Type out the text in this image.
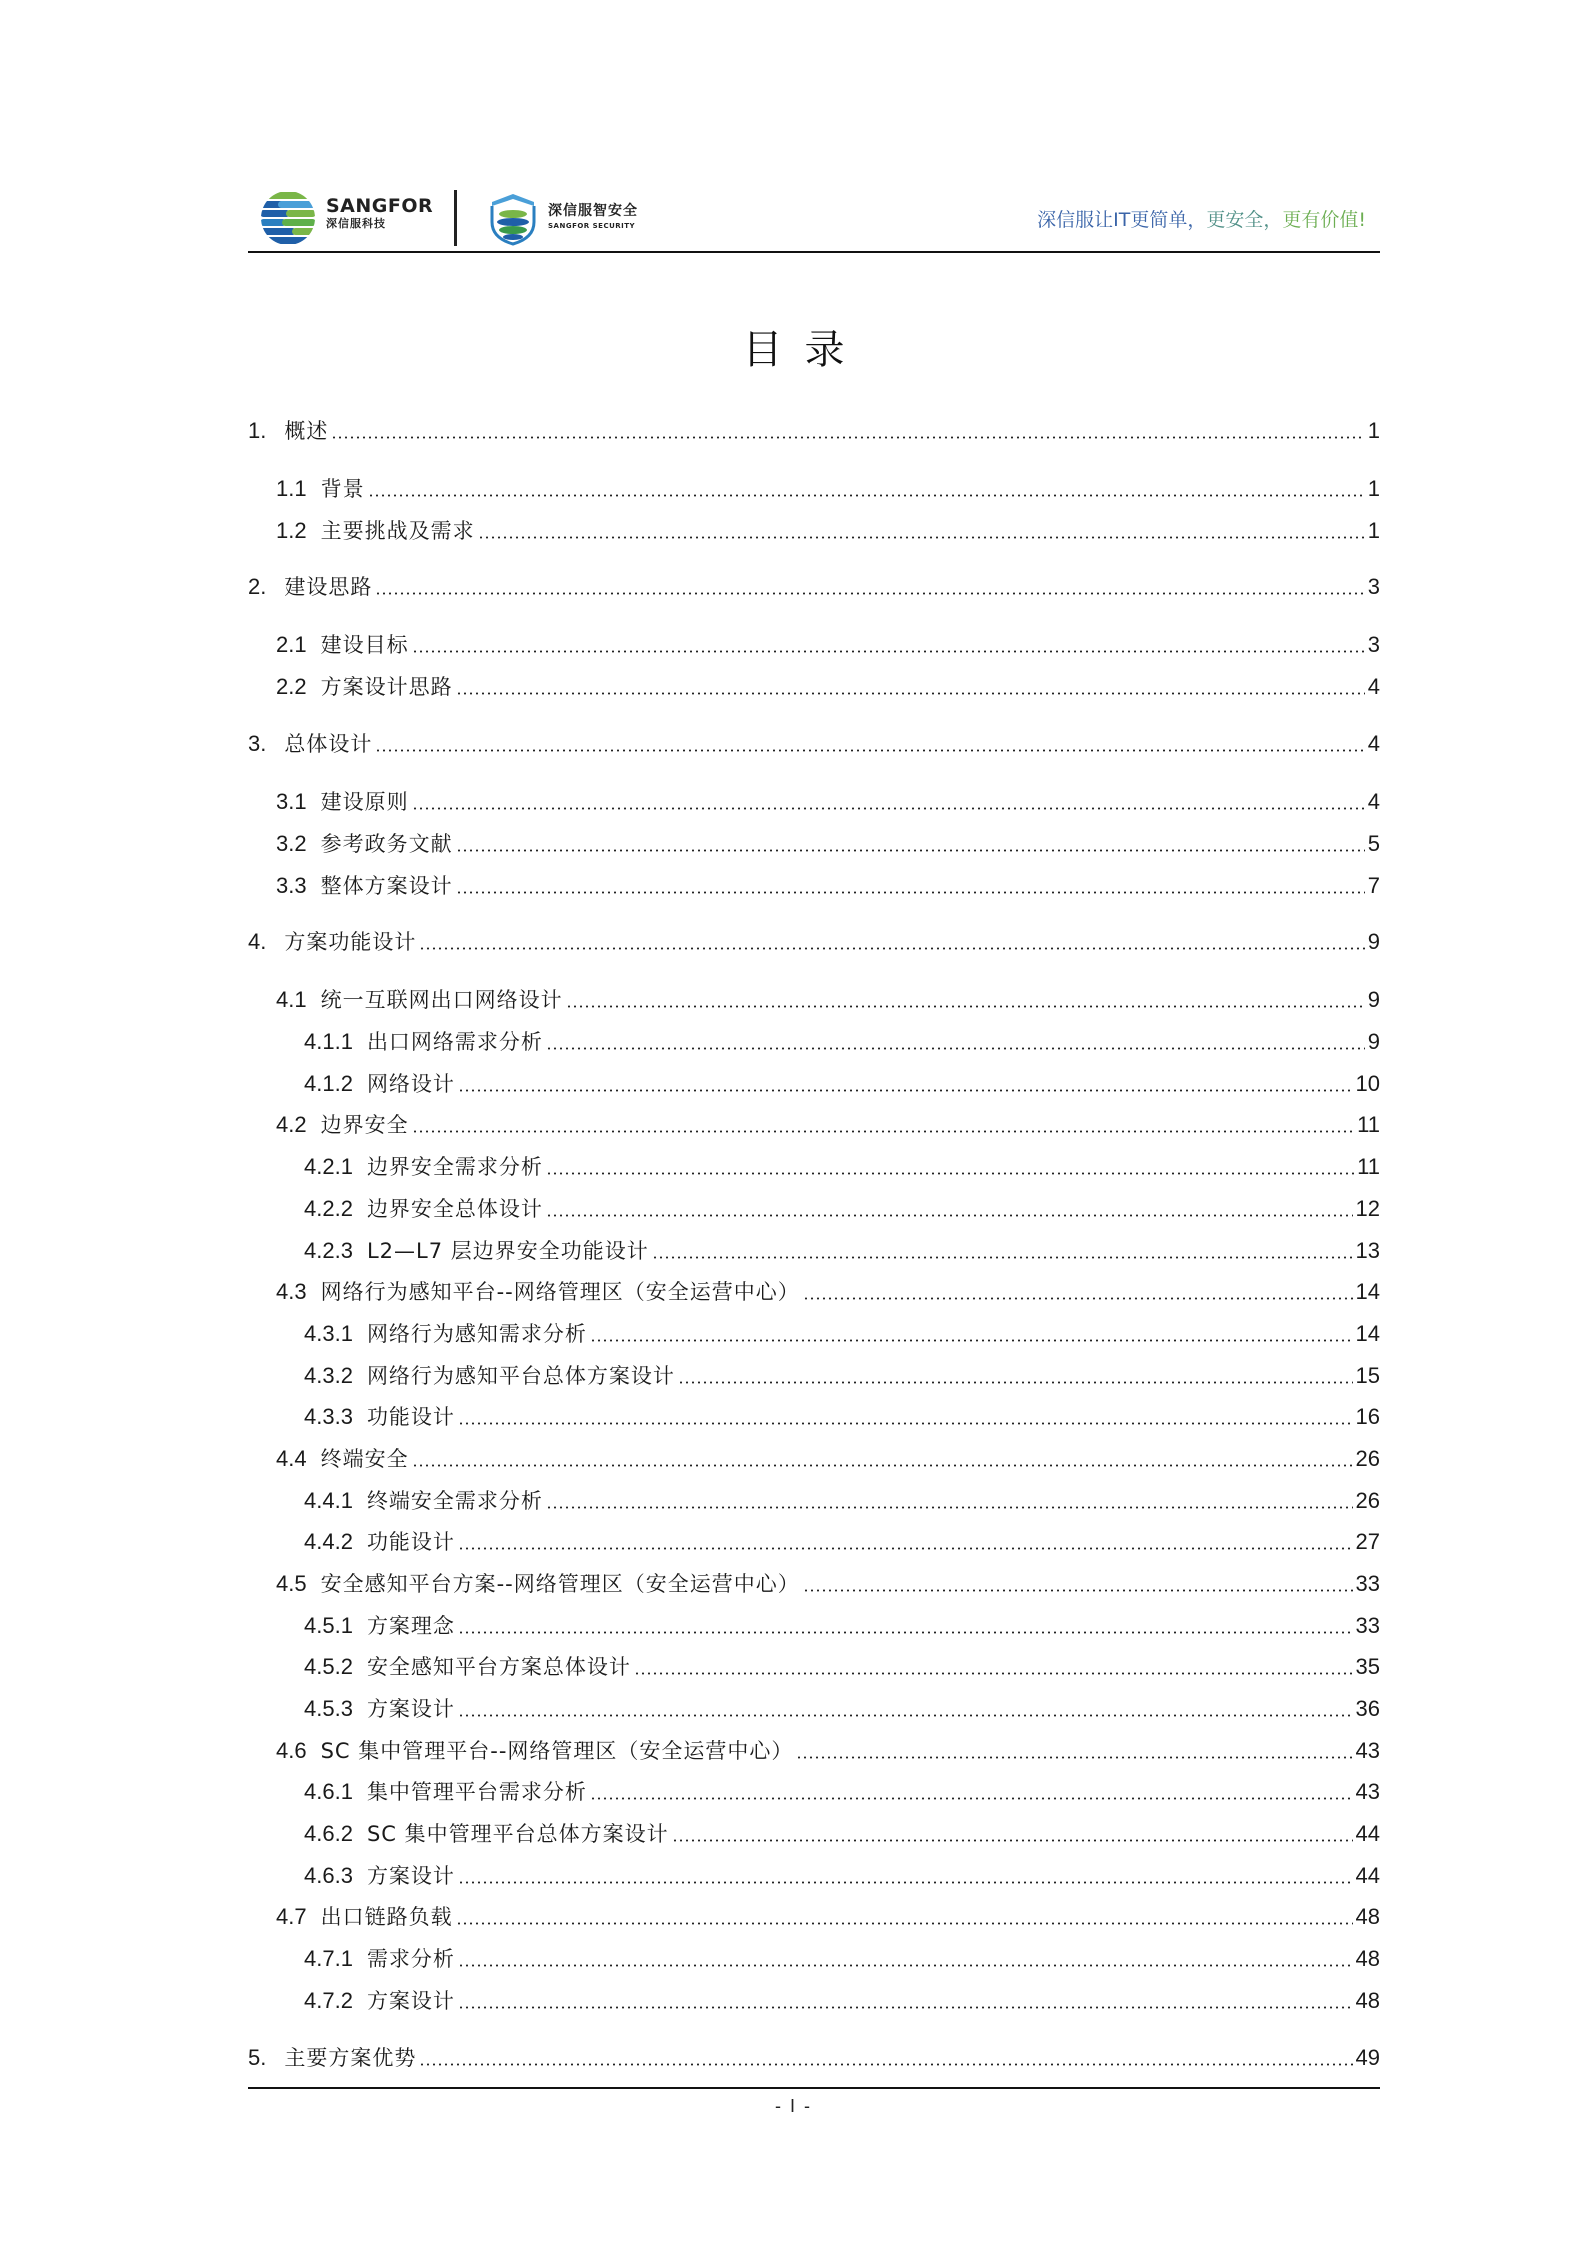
SANGFOR
深信服科技
深信服智安全
SANGFOR SECURITY	深信服让IT更简单，更安全，更有价值!
目录
1. 概述	1
1.1 背景	1
1.2 主要挑战及需求	1
2. 建设思路	3
2.1 建设目标	3
2.2 方案设计思路	4
3. 总体设计	4
3.1 建设原则	4
3.2 参考政务文献	5
3.3 整体方案设计	7
4. 方案功能设计	9
4.1 统一互联网出口网络设计	9
4.1.1 出口网络需求分析	9
4.1.2 网络设计	10
4.2 边界安全	11
4.2.1 边界安全需求分析	11
4.2.2 边界安全总体设计	12
4.2.3 L2—L7 层边界安全功能设计	13
4.3 网络行为感知平台--网络管理区（安全运营中心）	14
4.3.1 网络行为感知需求分析	14
4.3.2 网络行为感知平台总体方案设计	15
4.3.3 功能设计	16
4.4 终端安全	26
4.4.1 终端安全需求分析	26
4.4.2 功能设计	27
4.5 安全感知平台方案--网络管理区（安全运营中心）	33
4.5.1 方案理念	33
4.5.2 安全感知平台方案总体设计	35
4.5.3 方案设计	36
4.6 SC 集中管理平台--网络管理区（安全运营中心）	43
4.6.1 集中管理平台需求分析	43
4.6.2 SC 集中管理平台总体方案设计	44
4.6.3 方案设计	44
4.7 出口链路负载	48
4.7.1 需求分析	48
4.7.2 方案设计	48
5. 主要方案优势	49
- I -
